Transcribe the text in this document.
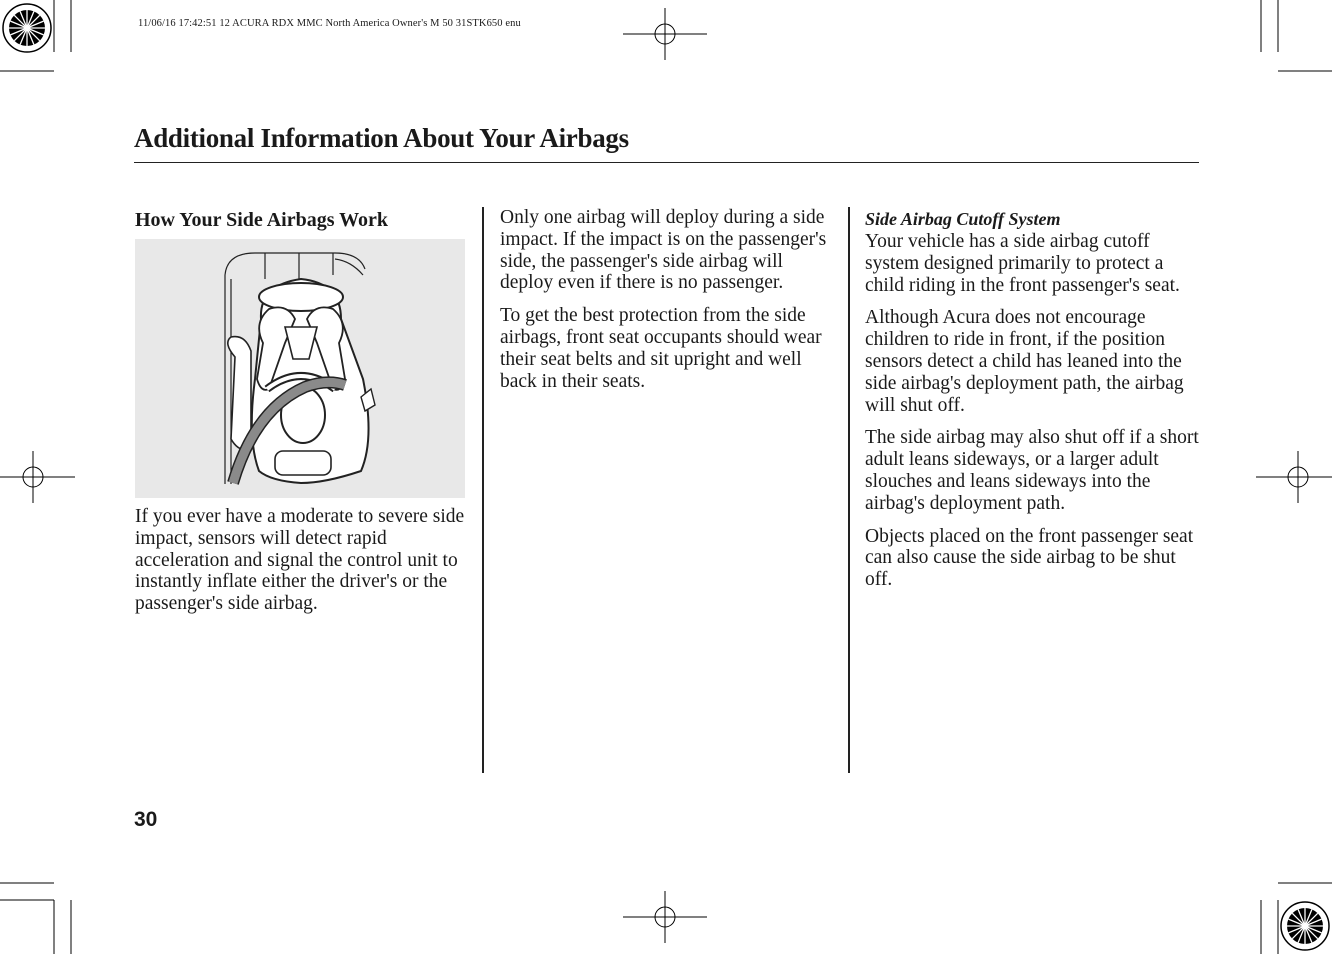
11/06/16 17:42:51 12 ACURA RDX MMC North America Owner's M 50 31STK650 enu
Additional Information About Your Airbags
How Your Side Airbags Work

If you ever have a moderate to severe side impact, sensors will detect rapid acceleration and signal the control unit to instantly inflate either the driver's or the passenger's side airbag.

Only one airbag will deploy during a side impact. If the impact is on the passenger's side, the passenger's side airbag will deploy even if there is no passenger.

To get the best protection from the side airbags, front seat occupants should wear their seat belts and sit upright and well back in their seats.

Side Airbag Cutoff System

Your vehicle has a side airbag cutoff system designed primarily to protect a child riding in the front passenger's seat.

Although Acura does not encourage children to ride in front, if the position sensors detect a child has leaned into the side airbag's deployment path, the airbag will shut off.

The side airbag may also shut off if a short adult leans sideways, or a larger adult slouches and leans sideways into the airbag's deployment path.

Objects placed on the front passenger seat can also cause the side airbag to be shut off.

30
